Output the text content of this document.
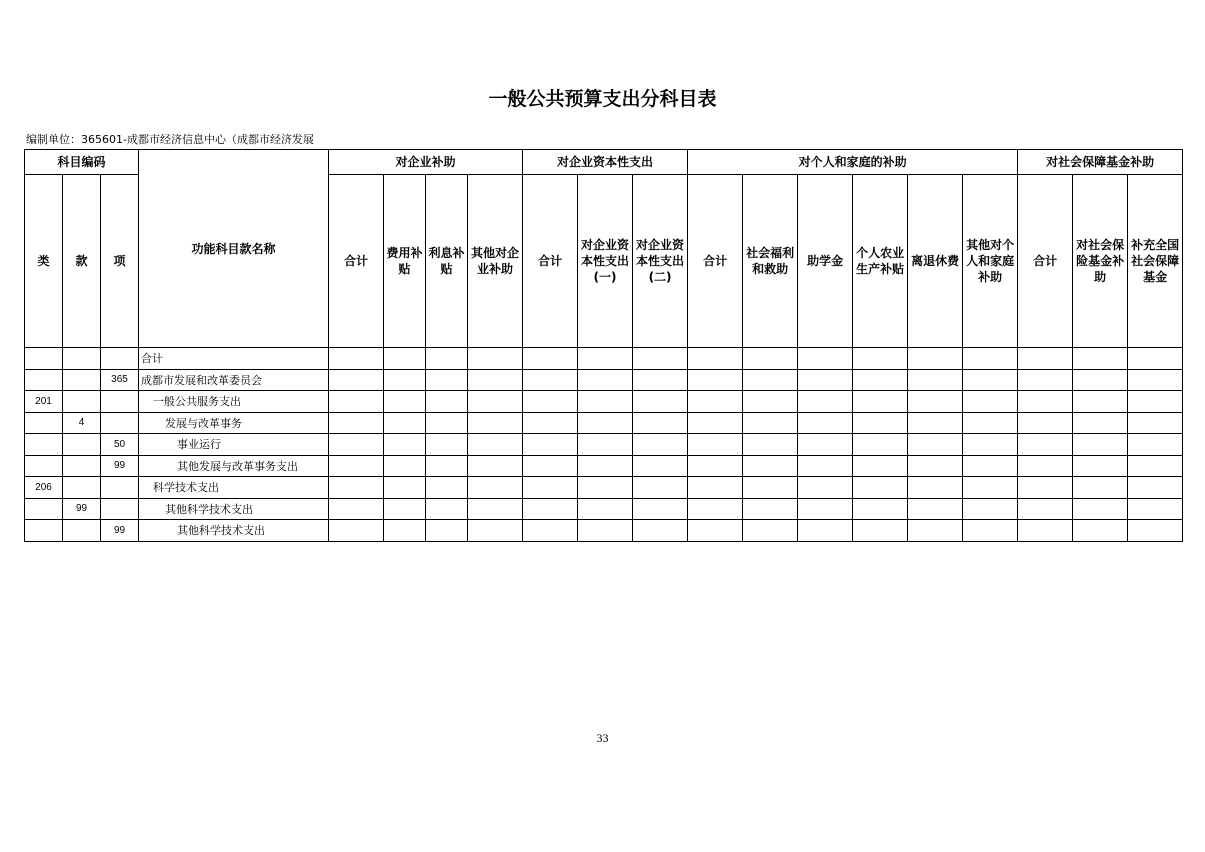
一般公共预算支出分科目表
编制单位：365601-成都市经济信息中心（成都市经济发展
科目编码			功能科目款名称	对企业补助				对企业资本性支出			对个人和家庭的补助						对社会保障基金补助		
类	款	项		合计	费用补贴	利息补贴	其他对企业补助	合计	对企业资本性支出(一)	对企业资本性支出(二)	合计	社会福利和救助	助学金	个人农业生产补贴	离退休费	其他对个人和家庭补助	合计	对社会保险基金补助	补充全国社会保障基金
			合计																
		365	成都市发展和改革委员会																
201			一般公共服务支出																
	4		发展与改革事务																
		50	事业运行																
		99	其他发展与改革事务支出																
206			科学技术支出																
	99		其他科学技术支出																
		99	其他科学技术支出																
33
